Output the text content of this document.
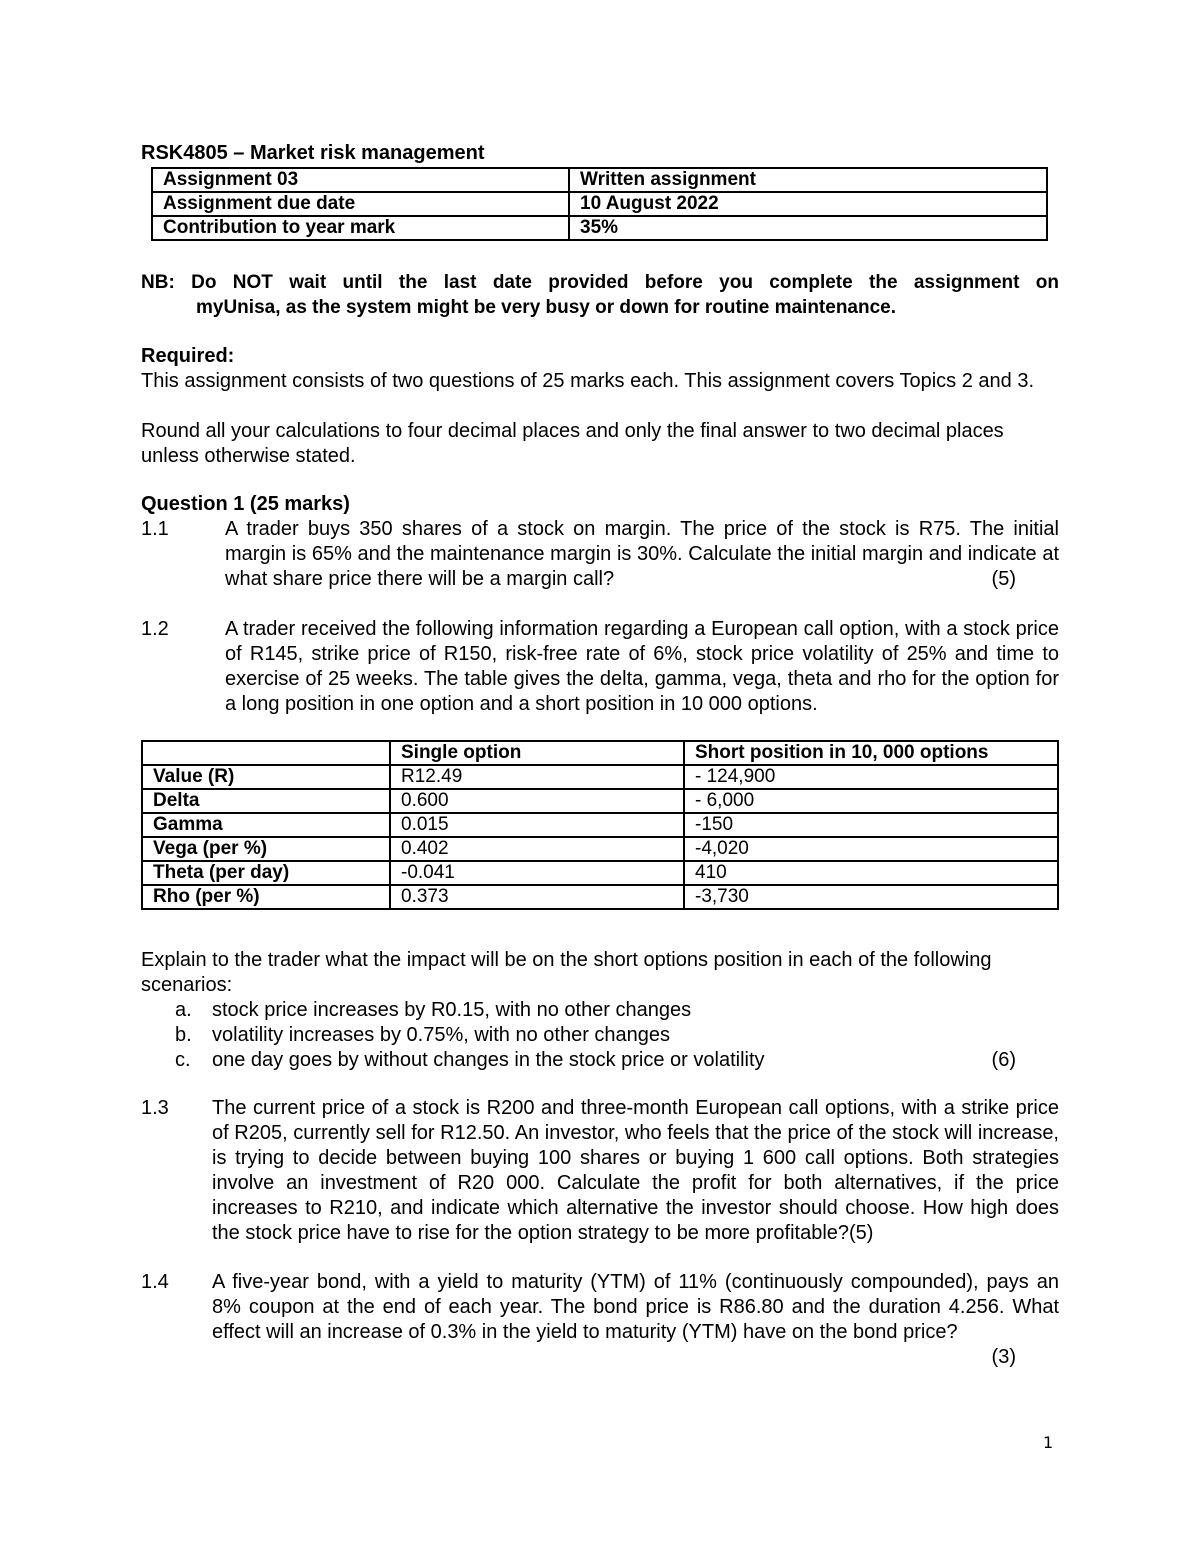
RSK4805 – Market risk management
Assignment 03	Written assignment
Assignment due date	10 August 2022
Contribution to year mark	35%
NB: Do NOT wait until the last date provided before you complete the assignment on
myUnisa, as the system might be very busy or down for routine maintenance.
Required:
This assignment consists of two questions of 25 marks each. This assignment covers Topics 2 and 3.
Round all your calculations to four decimal places and only the final answer to two decimal places unless otherwise stated.
Question 1 (25 marks)
1.1	A trader buys 350 shares of a stock on margin. The price of the stock is R75. The initial margin is 65% and the maintenance margin is 30%. Calculate the initial margin and indicate at what share price there will be a margin call?	(5)
1.2	A trader received the following information regarding a European call option, with a stock price of R145, strike price of R150, risk-free rate of 6%, stock price volatility of 25% and time to exercise of 25 weeks. The table gives the delta, gamma, vega, theta and rho for the option for a long position in one option and a short position in 10 000 options.
	Single option	Short position in 10, 000 options
Value (R)	R12.49	- 124,900
Delta	0.600	- 6,000
Gamma	0.015	-150
Vega (per %)	0.402	-4,020
Theta (per day)	-0.041	410
Rho (per %)	0.373	-3,730
Explain to the trader what the impact will be on the short options position in each of the following scenarios:
a. stock price increases by R0.15, with no other changes
b. volatility increases by 0.75%, with no other changes
c. one day goes by without changes in the stock price or volatility	(6)
1.3 The current price of a stock is R200 and three-month European call options, with a strike price of R205, currently sell for R12.50. An investor, who feels that the price of the stock will increase, is trying to decide between buying 100 shares or buying 1 600 call options. Both strategies involve an investment of R20 000. Calculate the profit for both alternatives, if the price increases to R210, and indicate which alternative the investor should choose. How high does the stock price have to rise for the option strategy to be more profitable?(5)
1.4 A five-year bond, with a yield to maturity (YTM) of 11% (continuously compounded), pays an 8% coupon at the end of each year. The bond price is R86.80 and the duration 4.256. What effect will an increase of 0.3% in the yield to maturity (YTM) have on the bond price?
(3)
1
